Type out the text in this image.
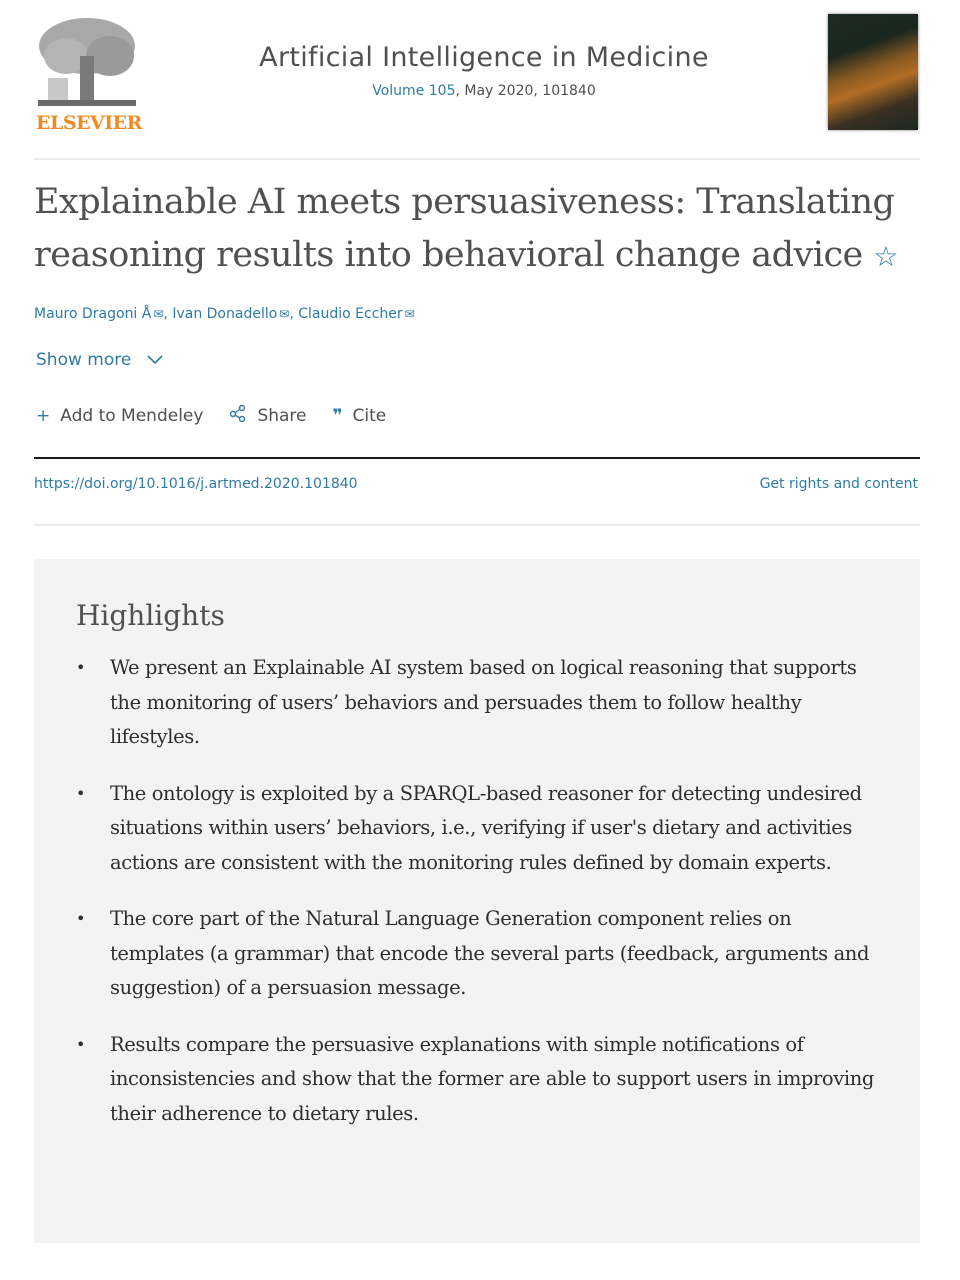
ELSEVIER
Artificial Intelligence in Medicine
Volume 105, May 2020, 101840
Explainable AI meets persuasiveness: Translating reasoning results into behavioral change advice ☆
Mauro Dragoni Å ✉, Ivan Donadello ✉, Claudio Eccher ✉
Show more
+ Add to Mendeley	Share ❞ Cite
https://doi.org/10.1016/j.artmed.2020.101840	Get rights and content
Highlights
• We present an Explainable AI system based on logical reasoning that supports the monitoring of users’ behaviors and persuades them to follow healthy lifestyles.
• The ontology is exploited by a SPARQL-based reasoner for detecting undesired situations within users’ behaviors, i.e., verifying if user's dietary and activities actions are consistent with the monitoring rules defined by domain experts.
• The core part of the Natural Language Generation component relies on templates (a grammar) that encode the several parts (feedback, arguments and suggestion) of a persuasion message.
• Results compare the persuasive explanations with simple notifications of inconsistencies and show that the former are able to support users in improving their adherence to dietary rules.
